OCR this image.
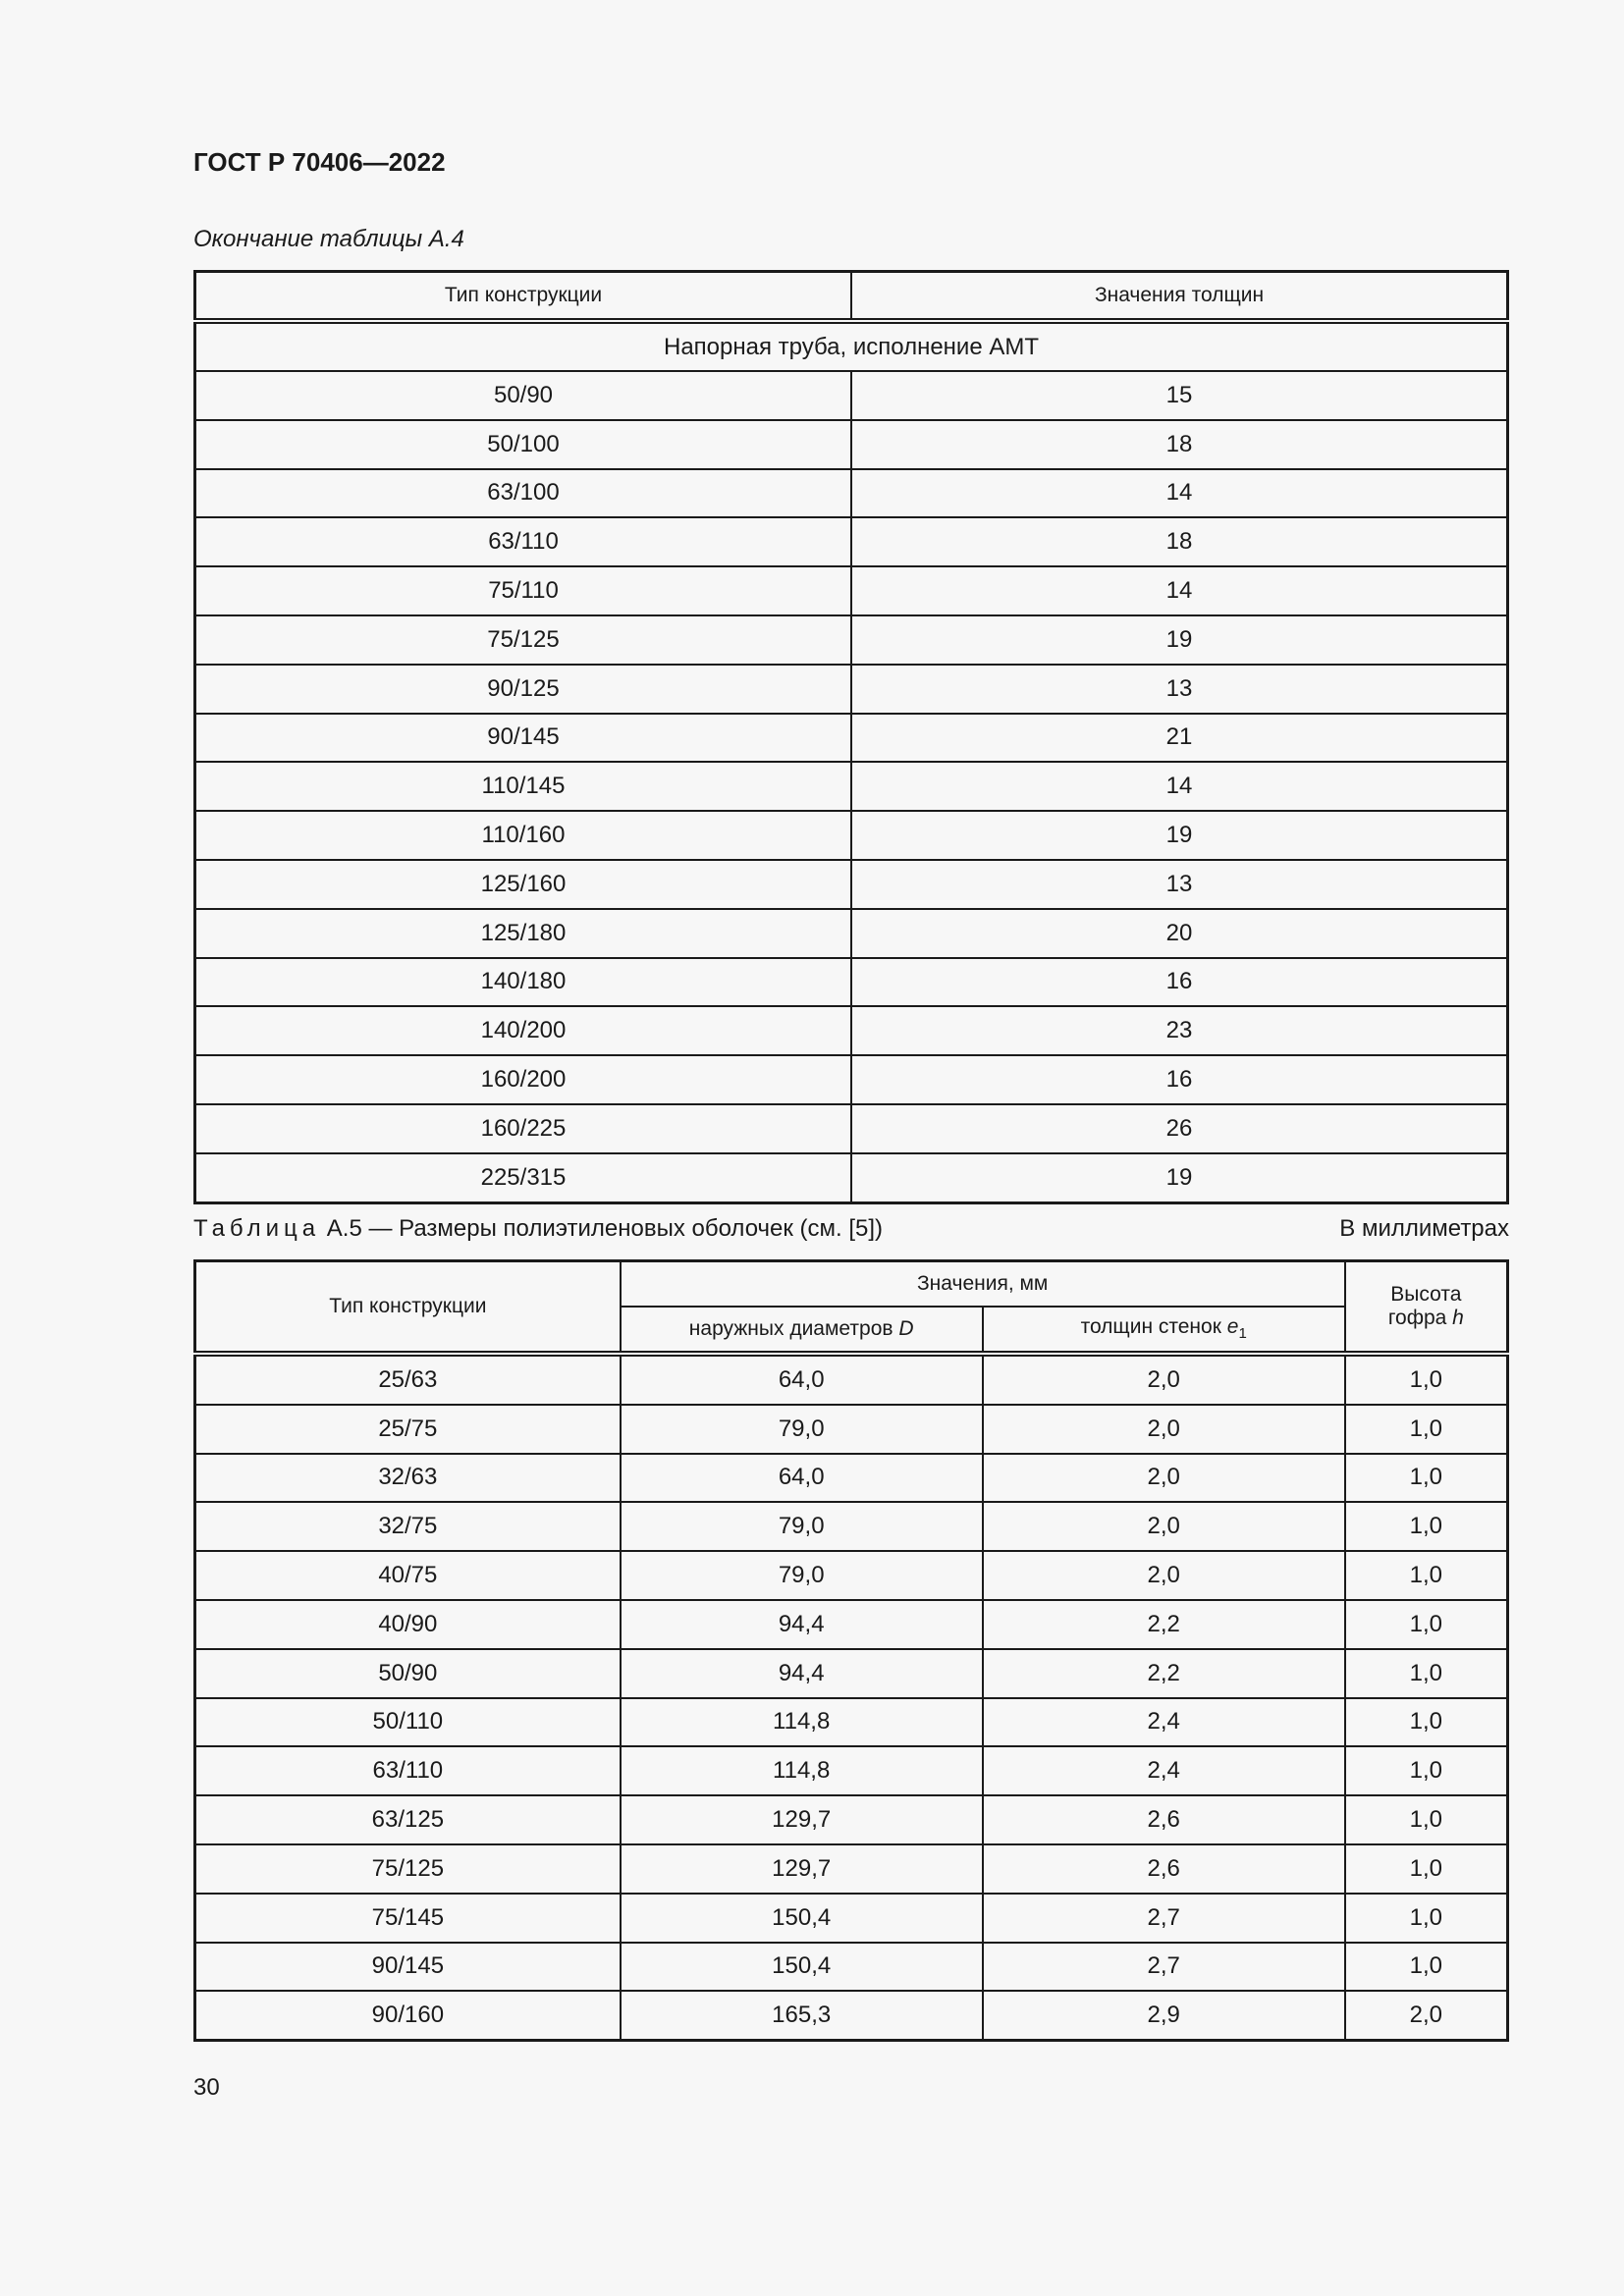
ГОСТ Р 70406—2022

Окончание таблицы А.4

Тип конструкции	Значения толщин
Напорная труба, исполнение АМТ	
50/90	15
50/100	18
63/100	14
63/110	18
75/110	14
75/125	19
90/125	13
90/145	21
110/145	14
110/160	19
125/160	13
125/180	20
140/180	16
140/200	23
160/200	16
160/225	26
225/315	19
Таблица А.5 — Размеры полиэтиленовых оболочек (см. [5])	В миллиметрах
Тип конструкции	Значения, мм		Высота
гофра h
	наружных диаметров D	толщин стенок $e_1$
25/63	64,0	2,0	1,0
25/75	79,0	2,0	1,0
32/63	64,0	2,0	1,0
32/75	79,0	2,0	1,0
40/75	79,0	2,0	1,0
40/90	94,4	2,2	1,0
50/90	94,4	2,2	1,0
50/110	114,8	2,4	1,0
63/110	114,8	2,4	1,0
63/125	129,7	2,6	1,0
75/125	129,7	2,6	1,0
75/145	150,4	2,7	1,0
90/145	150,4	2,7	1,0
90/160	165,3	2,9	2,0

30
